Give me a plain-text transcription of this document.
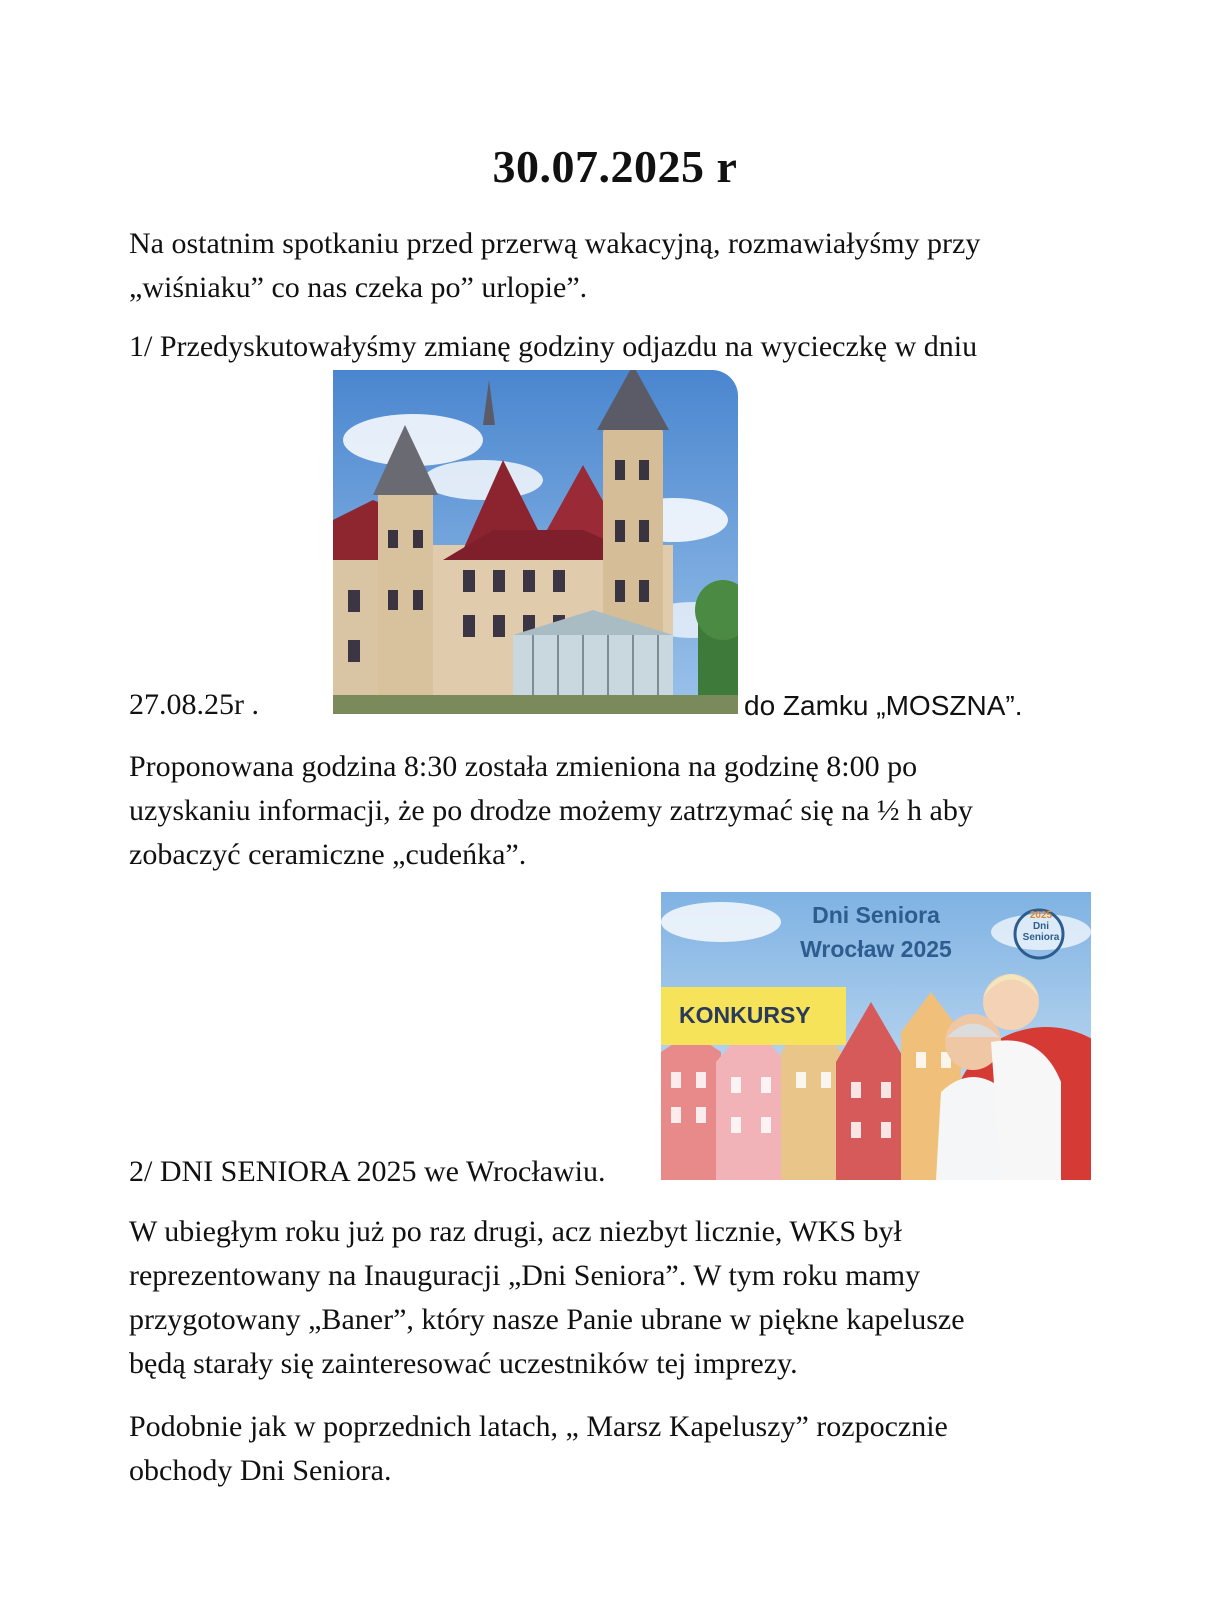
30.07.2025 r

Na ostatnim spotkaniu przed przerwą wakacyjną, rozmawiałyśmy przy
„wiśniaku” co nas czeka po” urlopie”.

1/ Przedyskutowałyśmy zmianę godziny odjazdu na wycieczkę w dniu

27.08.25r .	do Zamku „MOSZNA”.

Proponowana godzina 8:30 została zmieniona na godzinę 8:00 po
uzyskaniu informacji, że po drodze możemy zatrzymać się na ½ h aby
zobaczyć ceramiczne „cudeńka”.

Dni Seniora
Wrocław 2025
KONKURSY
2025
Dni Seniora
2/ DNI SENIORA 2025 we Wrocławiu.

W ubiegłym roku już po raz drugi, acz niezbyt licznie, WKS był
reprezentowany na Inauguracji „Dni Seniora”. W tym roku mamy
przygotowany „Baner”, który nasze Panie ubrane w piękne kapelusze
będą starały się zainteresować uczestników tej imprezy.

Podobnie jak w poprzednich latach, „ Marsz Kapeluszy” rozpocznie
obchody Dni Seniora.
